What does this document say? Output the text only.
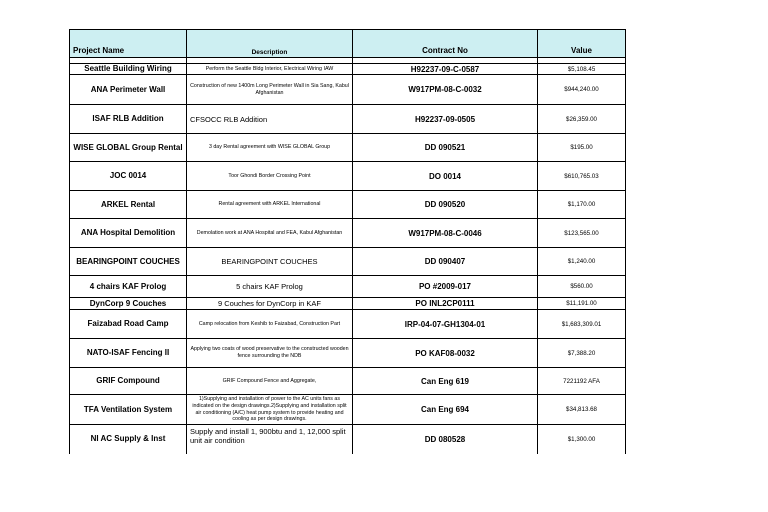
Project Name	Description	Contract No	Value

Seattle Building Wiring	Perform the Seattle Bldg Interior, Electrical Wiring IAW	H92237-09-C-0587	$5,108.45
ANA Perimeter Wall	Construction of new 1400m Long Perimeter Wall in Sia Sang, Kabul Afghanistan	W917PM-08-C-0032	$944,240.00
ISAF RLB Addition	CFSOCC RLB Addition	H92237-09-0505	$26,359.00
WISE GLOBAL Group Rental	3 day Rental agreement with WISE GLOBAL Group	DD 090521	$195.00
JOC 0014	Toor Ghondi Border Crossing Point	DO 0014	$610,765.03
ARKEL Rental	Rental agreement with ARKEL International	DD 090520	$1,170.00
ANA Hospital Demolition	Demolation work at ANA Hospital and FEA, Kabul Afghanistan	W917PM-08-C-0046	$123,565.00
BEARINGPOINT COUCHES	BEARINGPOINT COUCHES	DD 090407	$1,240.00
4 chairs KAF Prolog	5 chairs KAF Prolog	PO #2009-017	$560.00
DynCorp 9 Couches	9 Couches for DynCorp in KAF	PO INL2CP0111	$11,191.00
Faizabad Road Camp	Camp relocation from Keshib to Faizabad, Construction Part	IRP-04-07-GH1304-01	$1,683,309.01
NATO-ISAF Fencing II	Applying two coats of wood preservative to the constructed wooden fence surrounding the NDB	PO KAF08-0032	$7,388.20
GRIF Compound	GRIF Compound Fence and Aggregate,	Can Eng 619	7221192 AFA
TFA Ventilation System	1)Supplying and installation of power to the AC units fans as indicated on the design drawings.2)Supplying and installation split air conditioning (A/C) heat pump system to provide heating and cooling as per design drawings.	Can Eng 694	$34,813.68
NI AC Supply & Inst	Supply and install 1, 900btu and 1, 12,000 split unit air condition	DD 080528	$1,300.00
